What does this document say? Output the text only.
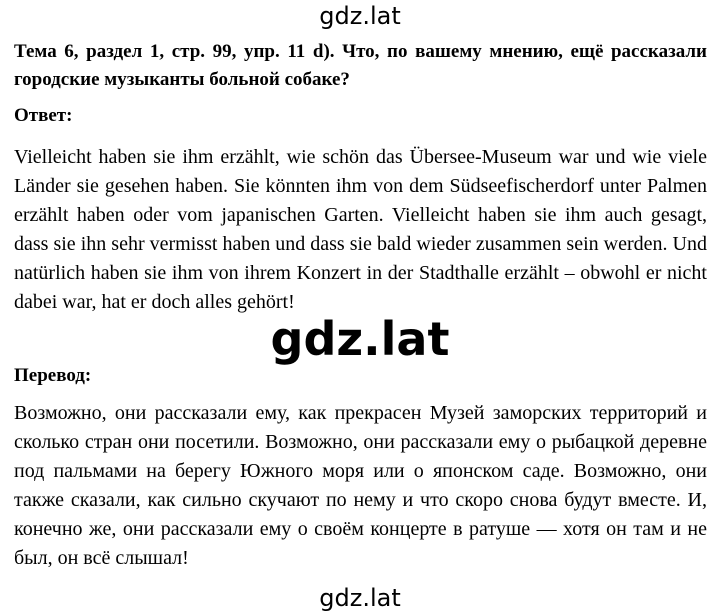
gdz.lat
Тема 6, раздел 1, стр. 99, упр. 11 d). Что, по вашему мнению, ещё рассказали городские музыканты больной собаке?
Ответ:
Vielleicht haben sie ihm erzählt, wie schön das Übersee-Museum war und wie viele Länder sie gesehen haben. Sie könnten ihm von dem Südseefischerdorf unter Palmen erzählt haben oder vom japanischen Garten. Vielleicht haben sie ihm auch gesagt, dass sie ihn sehr vermisst haben und dass sie bald wieder zusammen sein werden. Und natürlich haben sie ihm von ihrem Konzert in der Stadthalle erzählt – obwohl er nicht dabei war, hat er doch alles gehört!
gdz.lat
Перевод:
Возможно, они рассказали ему, как прекрасен Музей заморских территорий и сколько стран они посетили. Возможно, они рассказали ему о рыбацкой деревне под пальмами на берегу Южного моря или о японском саде. Возможно, они также сказали, как сильно скучают по нему и что скоро снова будут вместе. И, конечно же, они рассказали ему о своём концерте в ратуше — хотя он там и не был, он всё слышал!
gdz.lat
